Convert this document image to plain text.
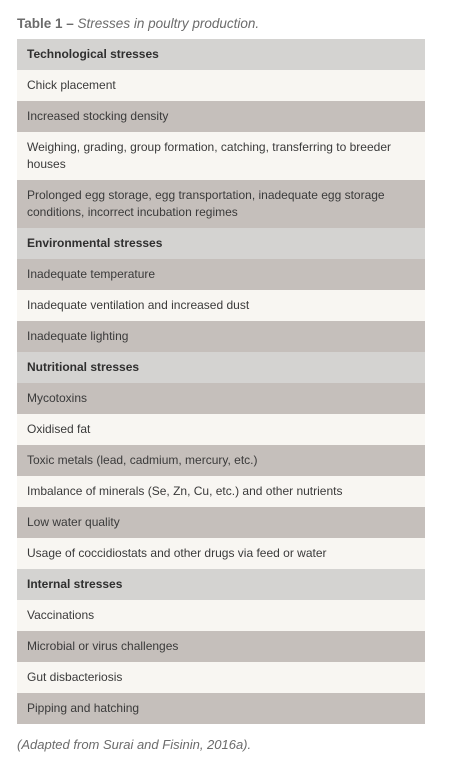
Table 1 – Stresses in poultry production.
Technological stresses
Chick placement
Increased stocking density
Weighing, grading, group formation, catching, transferring to breeder houses
Prolonged egg storage, egg transportation, inadequate egg storage conditions, incorrect incubation regimes
Environmental stresses
Inadequate temperature
Inadequate ventilation and increased dust
Inadequate lighting
Nutritional stresses
Mycotoxins
Oxidised fat
Toxic metals (lead, cadmium, mercury, etc.)
Imbalance of minerals (Se, Zn, Cu, etc.) and other nutrients
Low water quality
Usage of coccidiostats and other drugs via feed or water
Internal stresses
Vaccinations
Microbial or virus challenges
Gut disbacteriosis
Pipping and hatching
(Adapted from Surai and Fisinin, 2016a).
